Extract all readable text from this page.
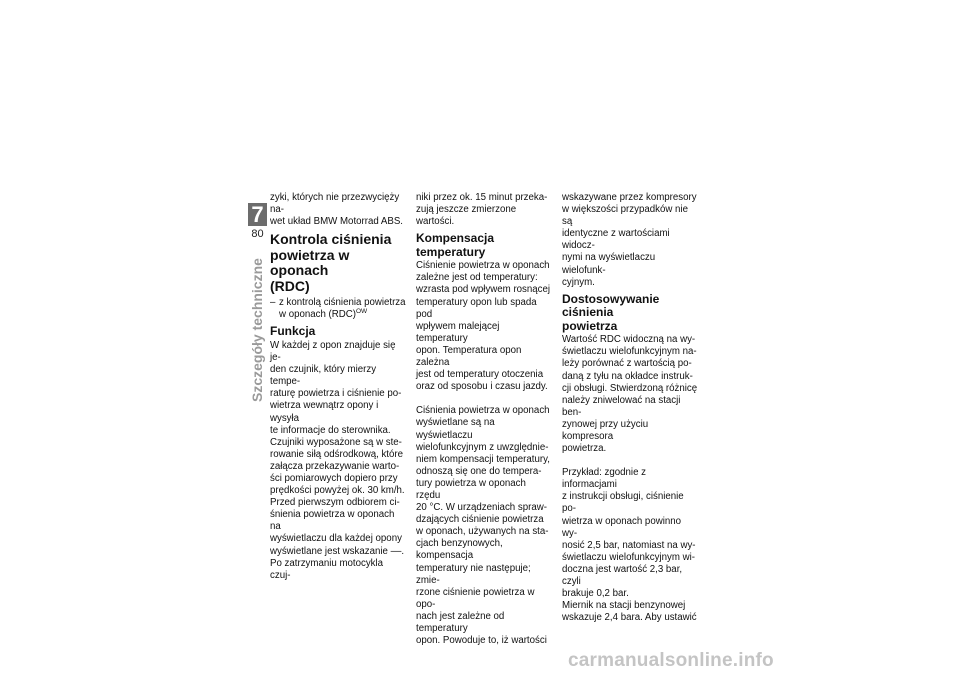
7
80
Szczegóły techniczne

zyki, których nie przezwycięży na-
wet układ BMW Motorrad ABS.

Kontrola ciśnienia
powietrza w oponach
(RDC)
– z kontrolą ciśnienia powietrza
w oponach (RDC)$^{OW}$
Funkcja

W każdej z opon znajduje się je-
den czujnik, który mierzy tempe-
raturę powietrza i ciśnienie po-
wietrza wewnątrz opony i wysyła
te informacje do sterownika.
Czujniki wyposażone są w ste-
rowanie siłą odśrodkową, które
załącza przekazywanie warto-
ści pomiarowych dopiero przy
prędkości powyżej ok. 30 km/h.
Przed pierwszym odbiorem ci-
śnienia powietrza w oponach na
wyświetlaczu dla każdej opony
wyświetlane jest wskazanie ––.
Po zatrzymaniu motocykla czuj-

niki przez ok. 15 minut przeka-
zują jeszcze zmierzone wartości.

Kompensacja temperatury

Ciśnienie powietrza w oponach
zależne jest od temperatury:
wzrasta pod wpływem rosnącej
temperatury opon lub spada pod
wpływem malejącej temperatury
opon. Temperatura opon zależna
jest od temperatury otoczenia
oraz od sposobu i czasu jazdy.

Ciśnienia powietrza w oponach
wyświetlane są na wyświetlaczu
wielofunkcyjnym z uwzględnie-
niem kompensacji temperatury,
odnoszą się one do tempera-
tury powietrza w oponach rzędu
20 °C. W urządzeniach spraw-
dzających ciśnienie powietrza
w oponach, używanych na sta-
cjach benzynowych, kompensacja
temperatury nie następuje; zmie-
rzone ciśnienie powietrza w opo-
nach jest zależne od temperatury
opon. Powoduje to, iż wartości

wskazywane przez kompresory
w większości przypadków nie są
identyczne z wartościami widocz-
nymi na wyświetlaczu wielofunk-
cyjnym.

Dostosowywanie ciśnienia
powietrza

Wartość RDC widoczną na wy-
świetlaczu wielofunkcyjnym na-
leży porównać z wartością po-
daną z tyłu na okładce instruk-
cji obsługi. Stwierdzoną różnicę
należy zniwelować na stacji ben-
zynowej przy użyciu kompresora
powietrza.

Przykład: zgodnie z informacjami
z instrukcji obsługi, ciśnienie po-
wietrza w oponach powinno wy-
nosić 2,5 bar, natomiast na wy-
świetlaczu wielofunkcyjnym wi-
doczna jest wartość 2,3 bar, czyli
brakuje 0,2 bar.
Miernik na stacji benzynowej
wskazuje 2,4 bara. Aby ustawić

carmanualsonline.info
